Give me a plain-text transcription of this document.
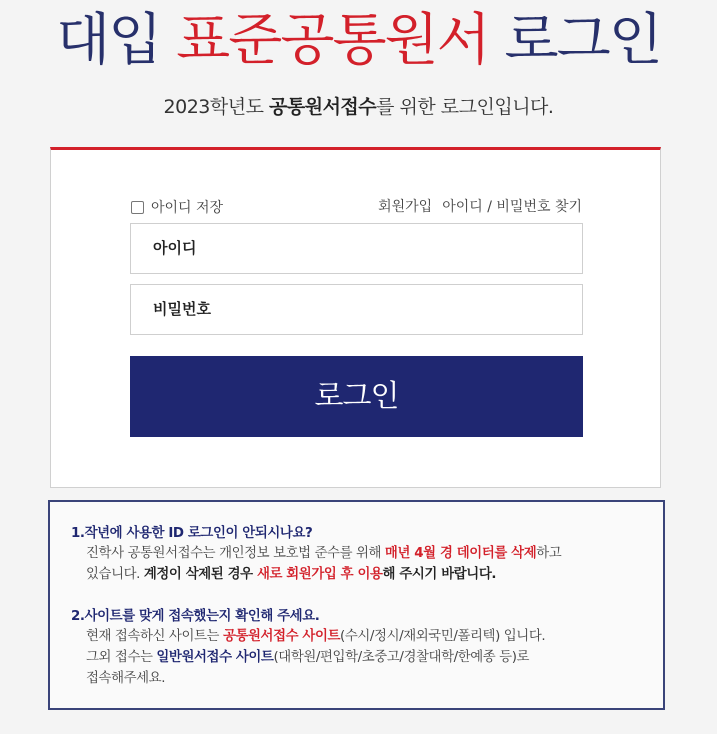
대입 표준공통원서 로그인
2023학년도 공통원서접수를 위한 로그인입니다.
아이디 저장	회원가입 아이디 / 비밀번호 찾기
아이디
비밀번호
로그인
1.작년에 사용한 ID 로그인이 안되시나요?
진학사 공통원서접수는 개인정보 보호법 준수를 위해 매년 4월 경 데이터를 삭제하고
있습니다. 계정이 삭제된 경우 새로 회원가입 후 이용해 주시기 바랍니다.
2.사이트를 맞게 접속했는지 확인해 주세요.
현재 접속하신 사이트는 공통원서접수 사이트(수시/정시/재외국민/폴리텍) 입니다.
그외 접수는 일반원서접수 사이트(대학원/편입학/초중고/경찰대학/한예종 등)로
접속해주세요.
